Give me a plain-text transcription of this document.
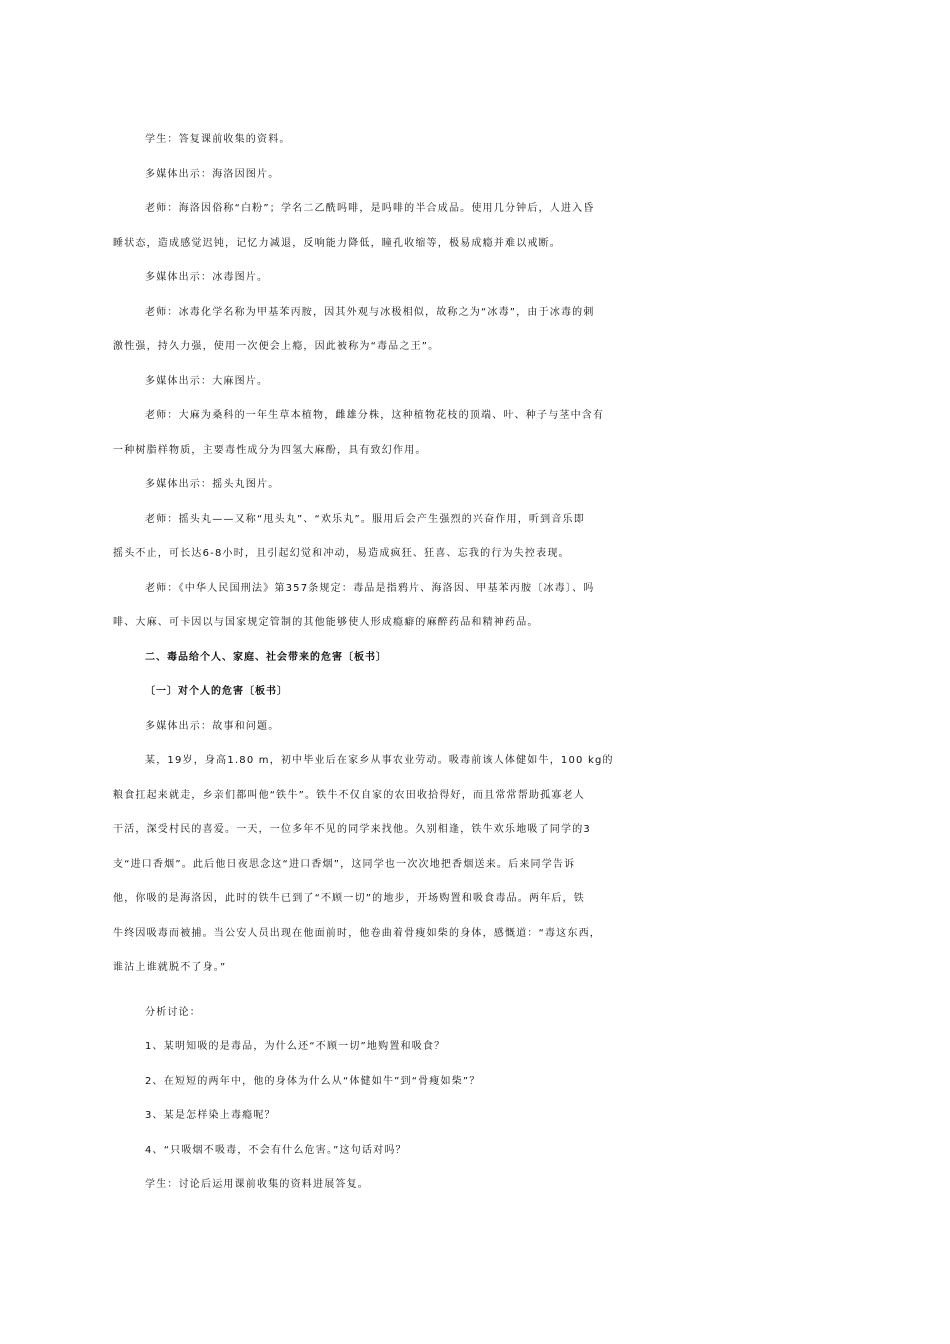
学生：答复课前收集的资料。
多媒体出示：海洛因图片。
老师：海洛因俗称“白粉”；学名二乙酰吗啡，是吗啡的半合成品。使用几分钟后，人进入昏
睡状态，造成感觉迟钝，记忆力减退，反响能力降低，瞳孔收缩等，极易成瘾并难以戒断。
多媒体出示：冰毒图片。
老师：冰毒化学名称为甲基苯丙胺，因其外观与冰极相似，故称之为“冰毒”，由于冰毒的刺
激性强，持久力强，使用一次便会上瘾，因此被称为“毒品之王”。
多媒体出示：大麻图片。
老师：大麻为桑科的一年生草本植物，雌雄分株，这种植物花枝的顶端、叶、种子与茎中含有
一种树脂样物质，主要毒性成分为四氢大麻酚，具有致幻作用。
多媒体出示：摇头丸图片。
老师：摇头丸——又称“甩头丸”、“欢乐丸”。服用后会产生强烈的兴奋作用，听到音乐即
摇头不止，可长达6-8小时，且引起幻觉和冲动，易造成疯狂、狂喜、忘我的行为失控表现。
老师：《中华人民国刑法》第357条规定：毒品是指鸦片、海洛因、甲基苯丙胺〔冰毒〕、吗
啡、大麻、可卡因以与国家规定管制的其他能够使人形成瘾癖的麻醉药品和精神药品。
二、毒品给个人、家庭、社会带来的危害〔板书〕
〔一〕对个人的危害〔板书〕
多媒体出示：故事和问题。
某，19岁，身高1.80 m，初中毕业后在家乡从事农业劳动。吸毒前该人体健如牛，100 kg的
粮食扛起来就走，乡亲们都叫他“铁牛”。铁牛不仅自家的农田收拾得好，而且常常帮助孤寡老人
干活，深受村民的喜爱。一天，一位多年不见的同学来找他。久别相逢，铁牛欢乐地吸了同学的3
支“进口香烟”。此后他日夜思念这“进口香烟”，这同学也一次次地把香烟送来。后来同学告诉
他，你吸的是海洛因，此时的铁牛已到了“不顾一切”的地步，开场购置和吸食毒品。两年后，铁
牛终因吸毒而被捕。当公安人员出现在他面前时，他卷曲着骨瘦如柴的身体，感慨道：“毒这东西，
谁沾上谁就脱不了身。”
分析讨论：
1、某明知吸的是毒品，为什么还“不顾一切”地购置和吸食？
2、在短短的两年中，他的身体为什么从“体健如牛”到“骨瘦如柴”？
3、某是怎样染上毒瘾呢？
4、“只吸烟不吸毒，不会有什么危害。”这句话对吗？
学生：讨论后运用课前收集的资料进展答复。
